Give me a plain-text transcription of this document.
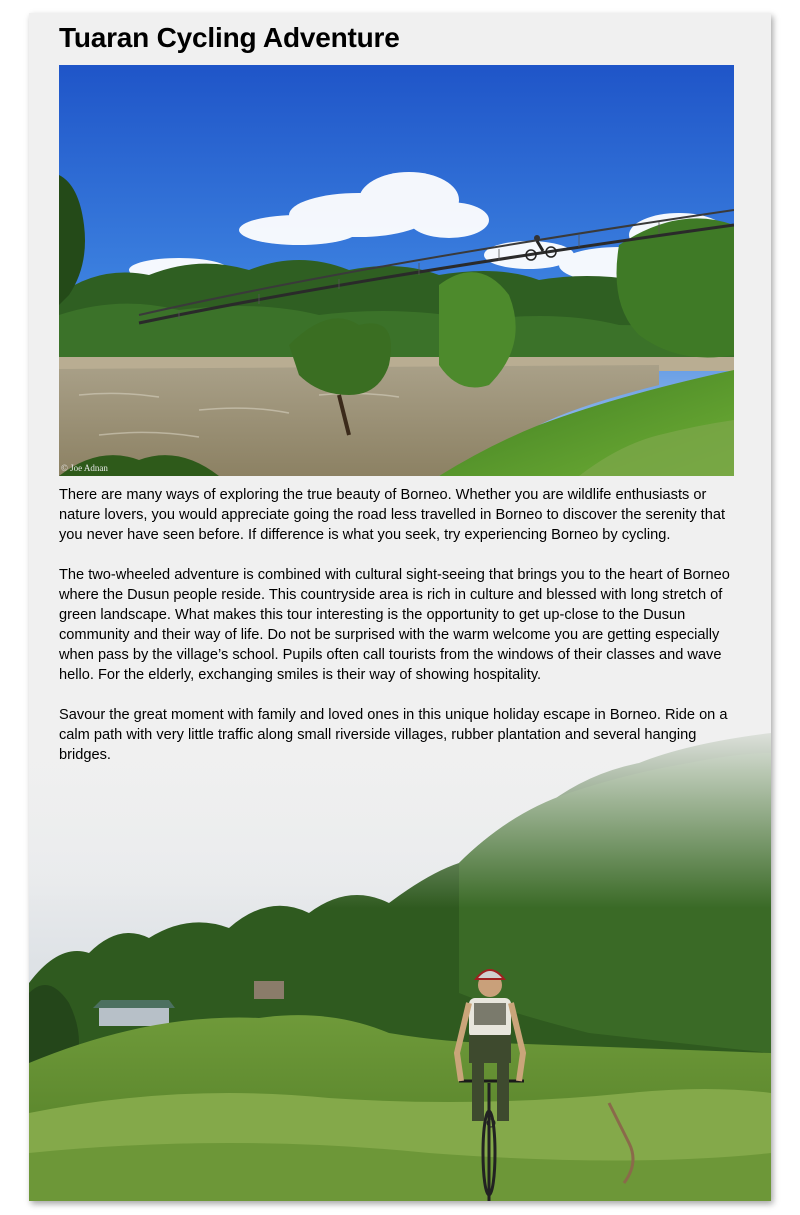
Tuaran Cycling Adventure
© Joe Adnan

There are many ways of exploring the true beauty of Borneo. Whether you are wildlife enthusiasts or nature lovers, you would appreciate going the road less travelled in Borneo to discover the serenity that you never have seen before. If difference is what you seek, try experiencing Borneo by cycling.

The two-wheeled adventure is combined with cultural sight-seeing that brings you to the heart of Borneo where the Dusun people reside. This countryside area is rich in culture and blessed with long stretch of green landscape. What makes this tour interesting is the opportunity to get up-close to the Dusun community and their way of life. Do not be surprised with the warm welcome you are getting especially when pass by the village’s school. Pupils often call tourists from the windows of their classes and wave hello. For the elderly, exchanging smiles is their way of showing hospitality.

Savour the great moment with family and loved ones in this unique holiday escape in Borneo. Ride on a calm path with very little traffic along small riverside villages, rubber plantation and several hanging bridges.
